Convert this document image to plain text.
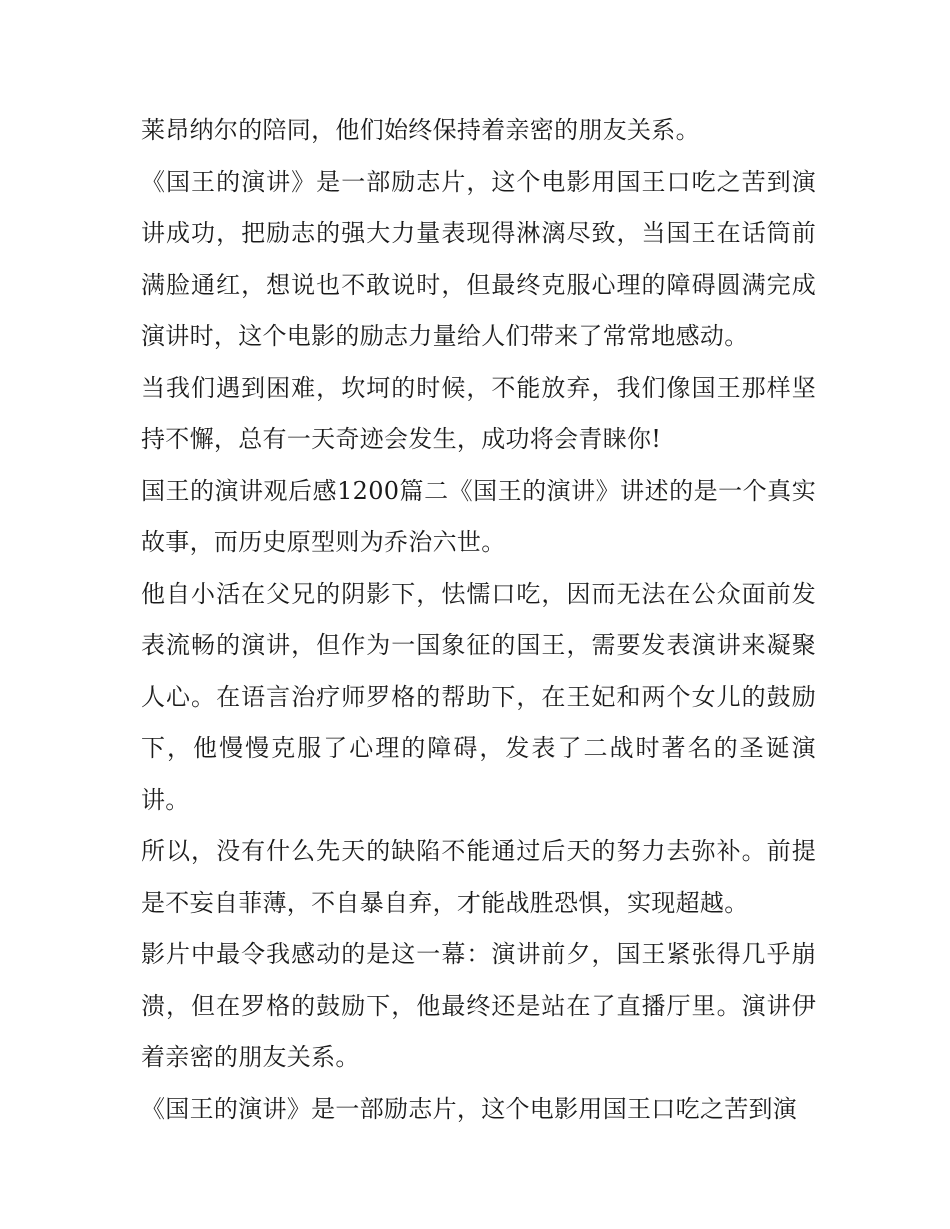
莱昂纳尔的陪同，他们始终保持着亲密的朋友关系。

《国王的演讲》是一部励志片，这个电影用国王口吃之苦到演讲成功，把励志的强大力量表现得淋漓尽致，当国王在话筒前满脸通红，想说也不敢说时，但最终克服心理的障碍圆满完成演讲时，这个电影的励志力量给人们带来了常常地感动。

当我们遇到困难，坎坷的时候，不能放弃，我们像国王那样坚持不懈，总有一天奇迹会发生，成功将会青睐你!

国王的演讲观后感1200篇二《国王的演讲》讲述的是一个真实故事，而历史原型则为乔治六世。

他自小活在父兄的阴影下，怯懦口吃，因而无法在公众面前发表流畅的演讲，但作为一国象征的国王，需要发表演讲来凝聚人心。在语言治疗师罗格的帮助下，在王妃和两个女儿的鼓励下，他慢慢克服了心理的障碍，发表了二战时著名的圣诞演讲。

所以，没有什么先天的缺陷不能通过后天的努力去弥补。前提是不妄自菲薄，不自暴自弃，才能战胜恐惧，实现超越。

影片中最令我感动的是这一幕：演讲前夕，国王紧张得几乎崩溃，但在罗格的鼓励下，他最终还是站在了直播厅里。演讲伊着亲密的朋友关系。

《国王的演讲》是一部励志片，这个电影用国王口吃之苦到演
